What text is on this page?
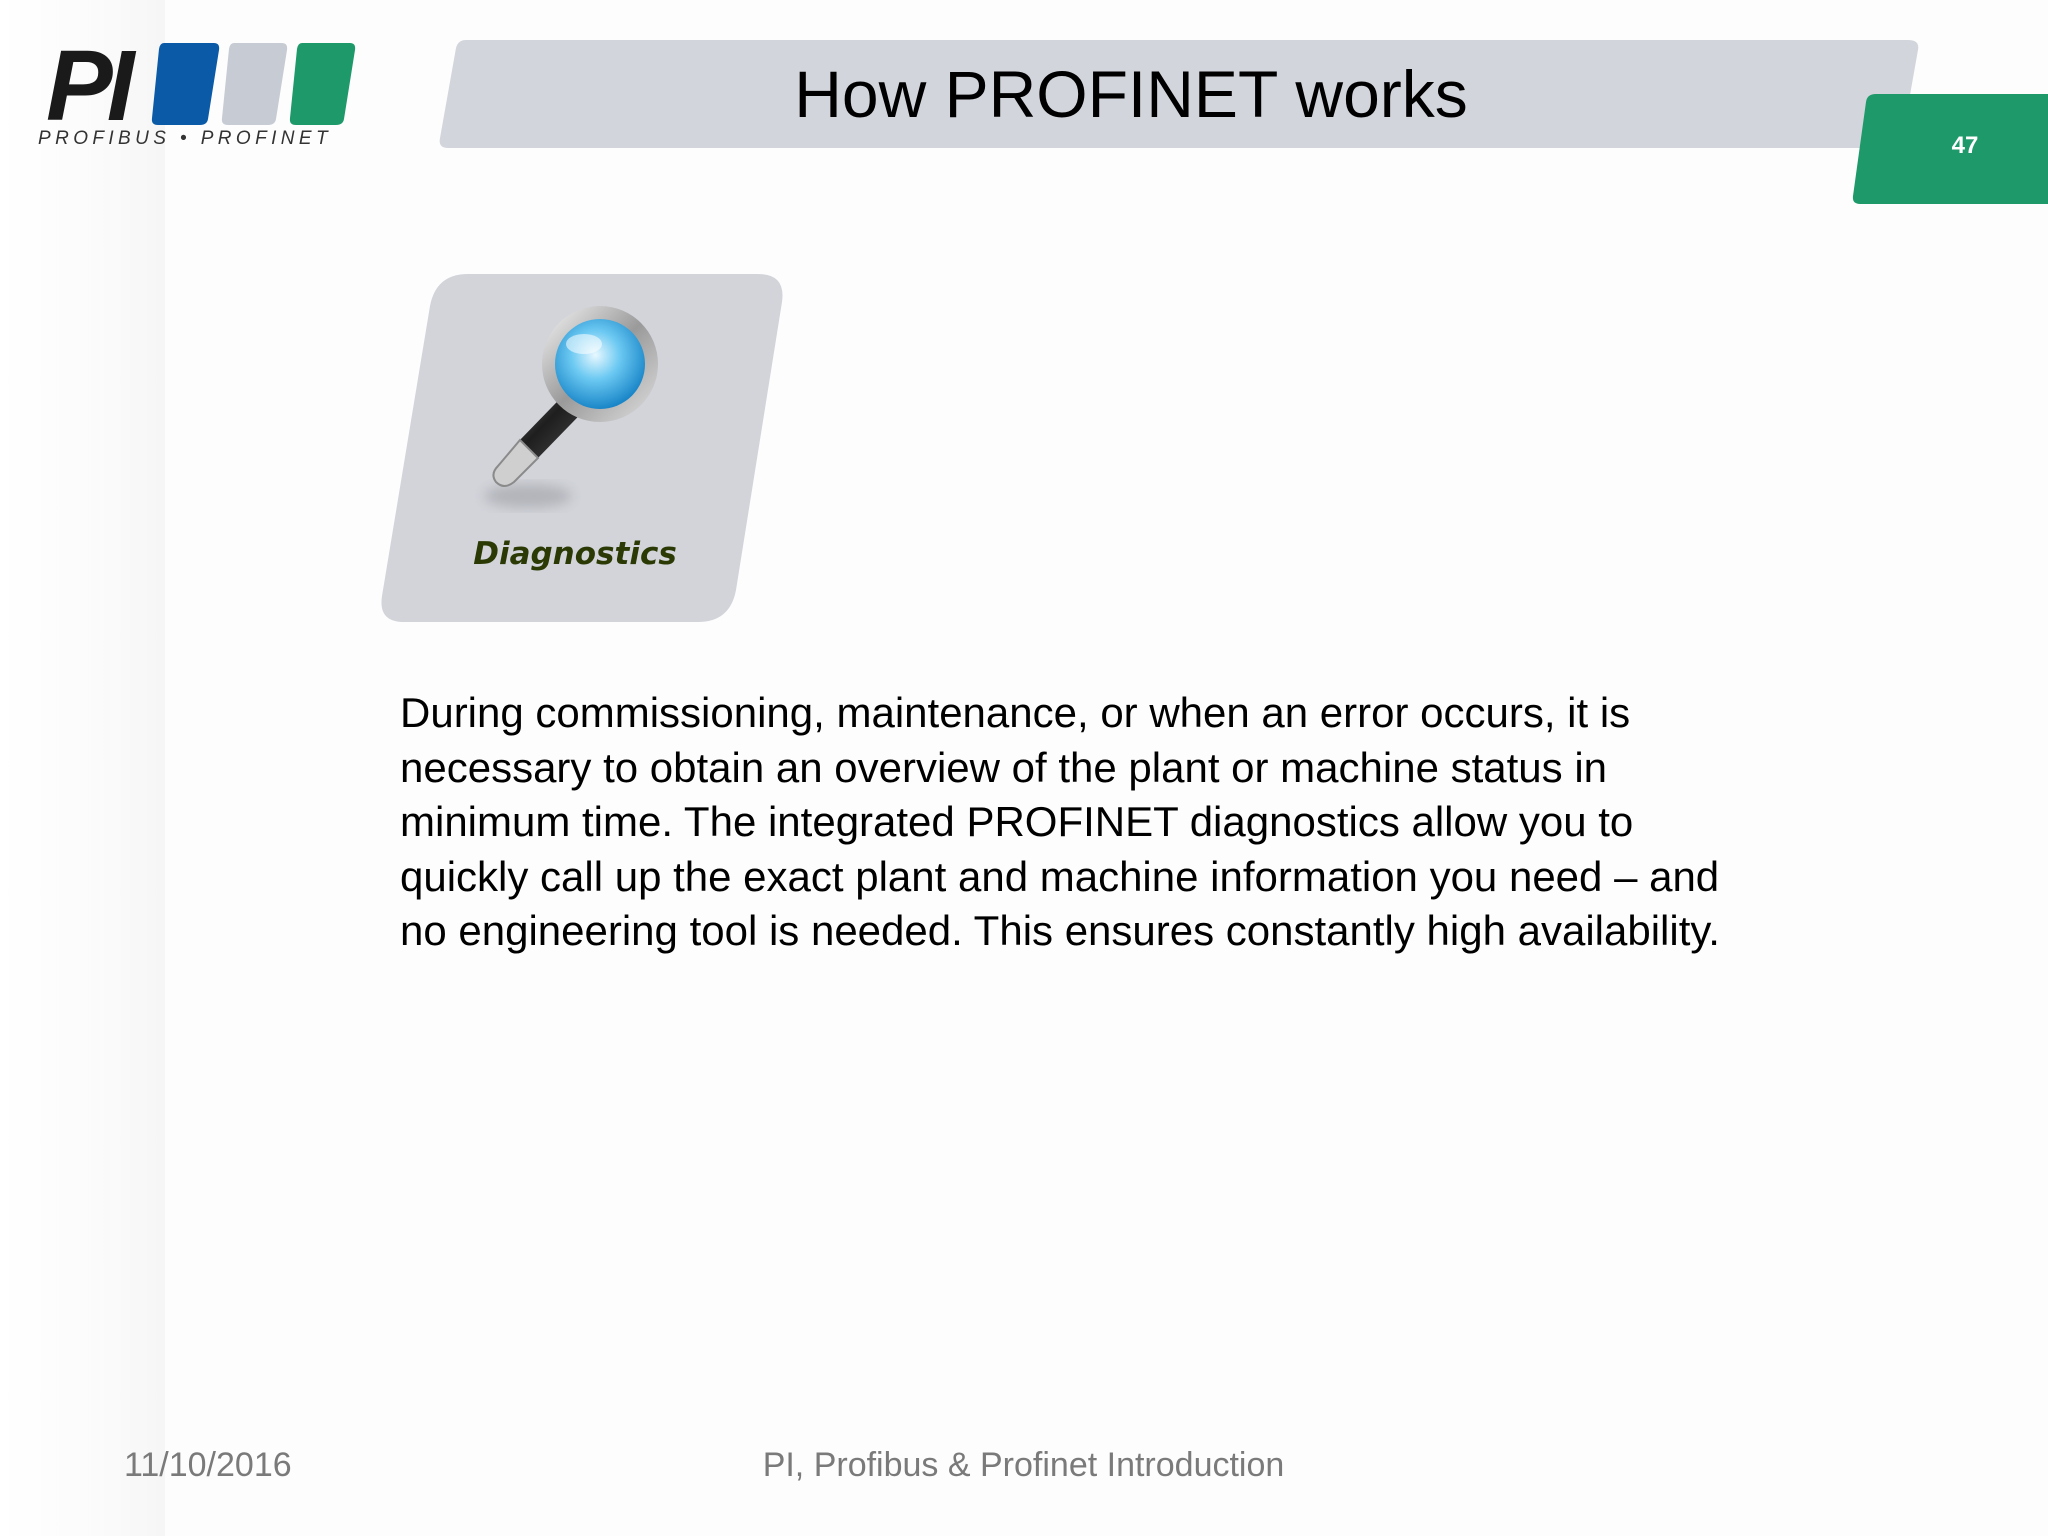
PI
PROFIBUS • PROFINET
How PROFINET works
47
Diagnostics

During commissioning, maintenance, or when an error occurs, it is necessary to obtain an overview of the plant or machine status in minimum time. The integrated PROFINET diagnostics allow you to quickly call up the exact plant and machine information you need – and no engineering tool is needed. This ensures constantly high availability.

11/10/2016	PI, Profibus & Profinet Introduction
